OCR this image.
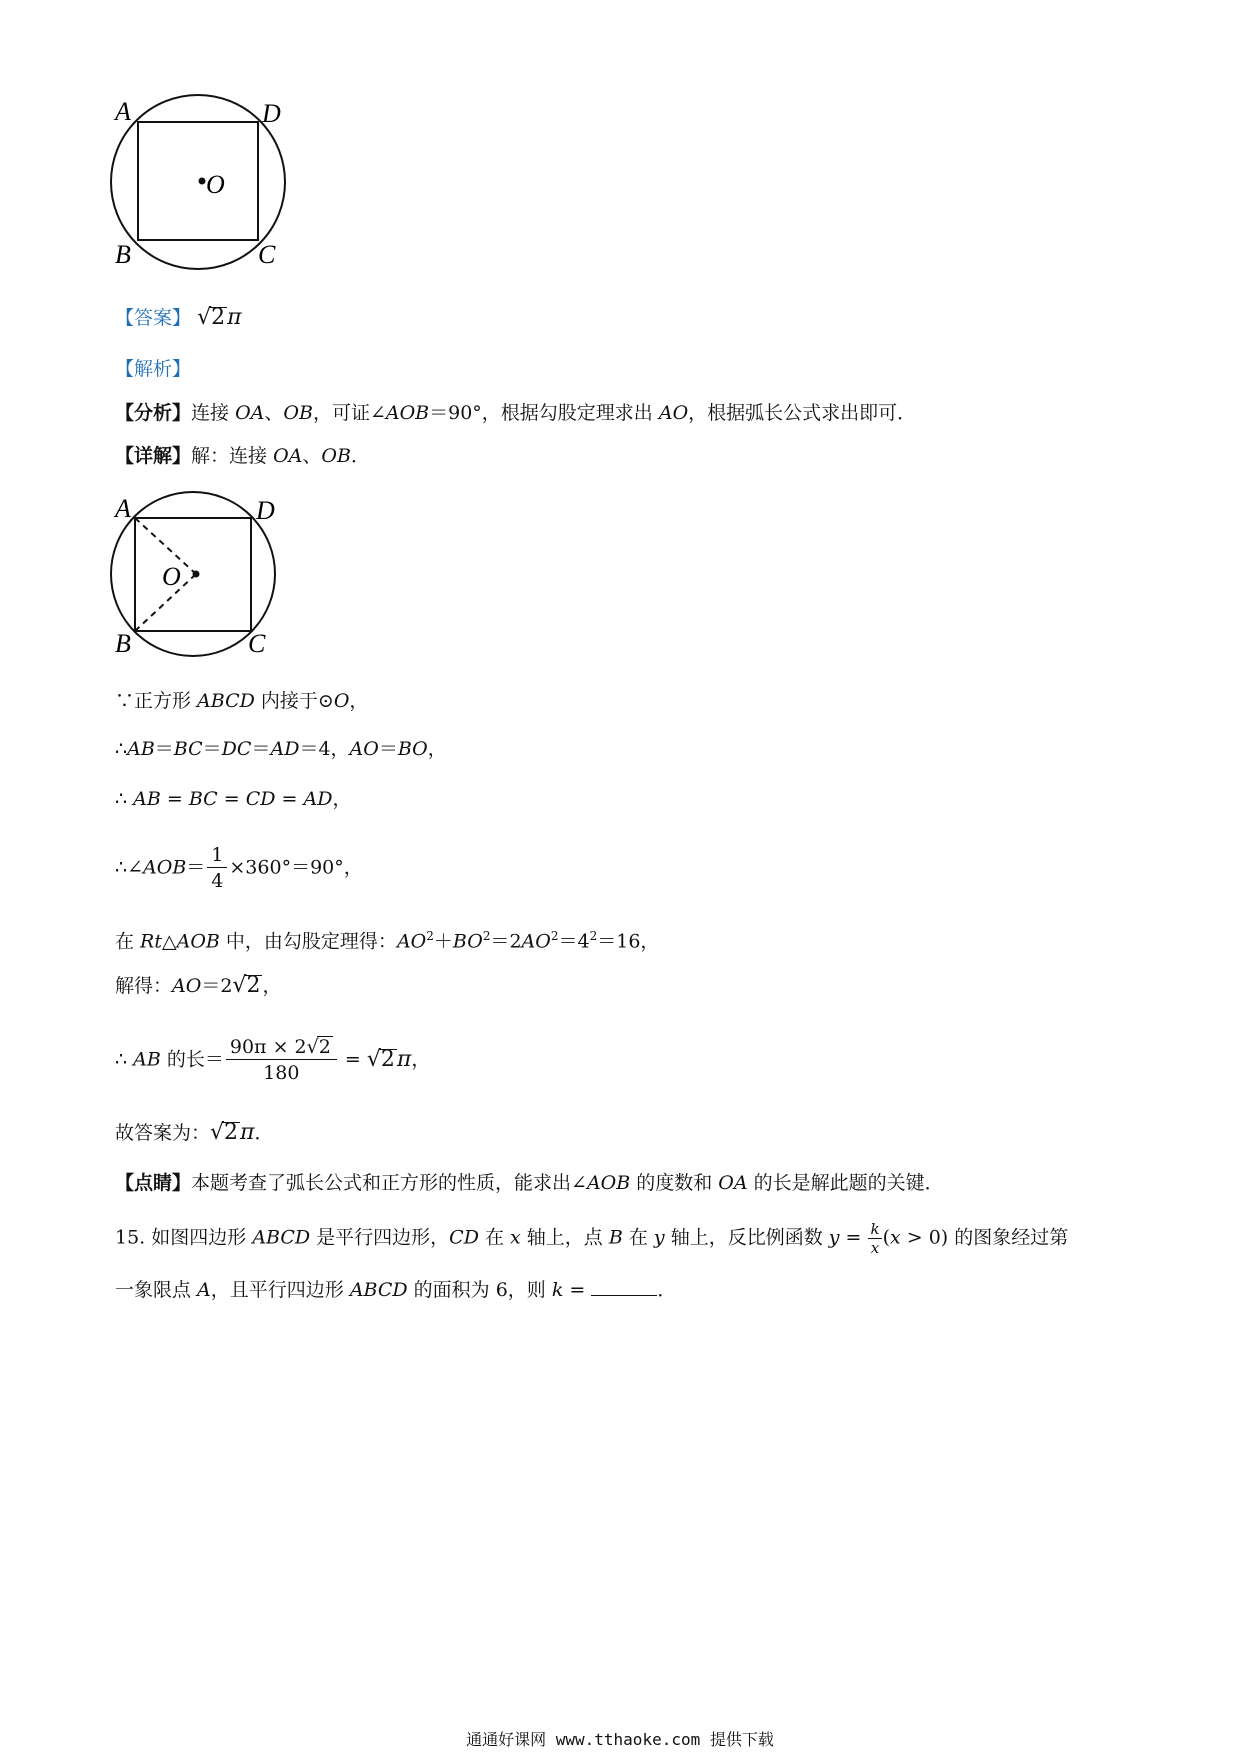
A	D
O
B	C
【答案】 √2π
【解析】
【分析】连接 OA、OB，可证∠AOB＝90°，根据勾股定理求出 AO，根据弧长公式求出即可．
【详解】解：连接 OA、OB．
A	D
O
B	C
∵正方形 ABCD 内接于⊙O，
∴AB＝BC＝DC＝AD＝4，AO＝BO，
∴ AB = BC = CD = AD，
∴∠AOB＝ $\frac{1}{4} \times 360^\circ=90^\circ$，
在 Rt△AOB 中，由勾股定理得：$AO^2+BO^2=2AO^2=4^2=16$，
解得：AO＝2√2 ，
∴ AB 的长＝ $\frac{90\pi \times 2√2}{180} = √2\pi$，
故答案为：√2π．
【点睛】本题考查了弧长公式和正方形的性质，能求出∠AOB 的度数和 OA 的长是解此题的关键．
15. 如图四边形 ABCD 是平行四边形，CD 在 x 轴上，点 B 在 y 轴上，反比例函数 $y = \frac{k}{x} (x > 0)$ 的图象经过第
一象限点 A，且平行四边形 ABCD 的面积为 6，则 k =	．
通通好课网 www.tthaoke.com 提供下载
